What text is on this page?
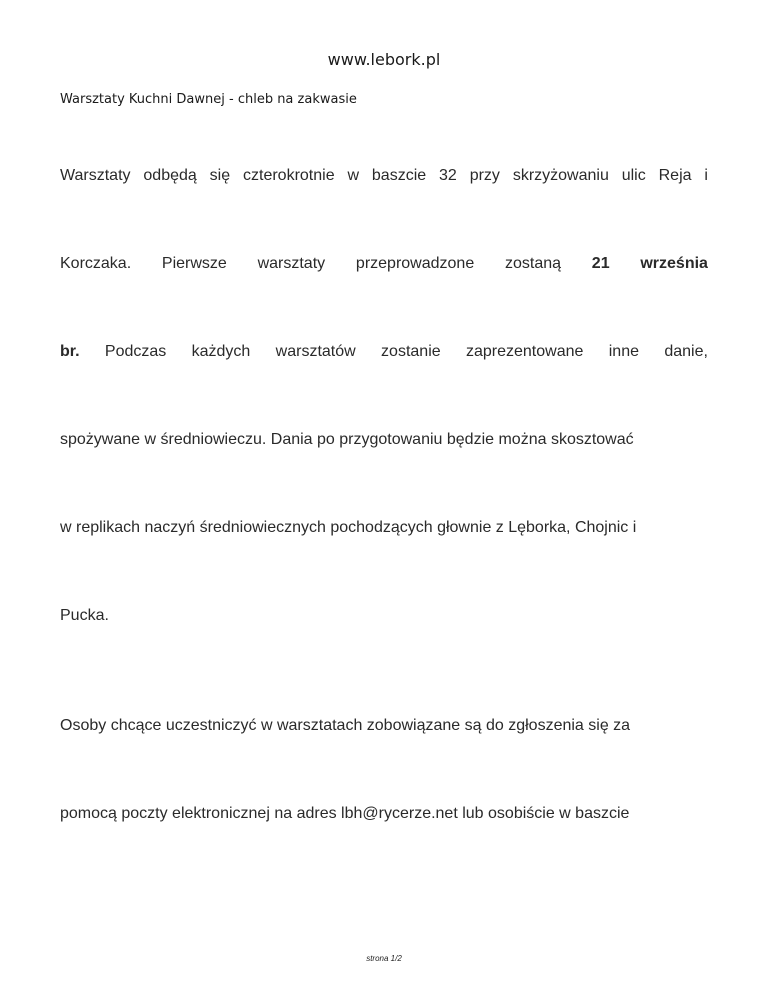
www.lebork.pl
Warsztaty Kuchni Dawnej - chleb na zakwasie
Warsztaty odbędą się czterokrotnie w baszcie 32 przy skrzyżowaniu ulic Reja i
Korczaka. Pierwsze warsztaty przeprowadzone zostaną 21 września
br. Podczas każdych warsztatów zostanie zaprezentowane inne danie,
spożywane w średniowieczu. Dania po przygotowaniu będzie można skosztować
w replikach naczyń średniowiecznych pochodzących głownie z Lęborka, Chojnic i
Pucka.
Osoby chcące uczestniczyć w warsztatach zobowiązane są do zgłoszenia się za
pomocą poczty elektronicznej na adres lbh@rycerze.net lub osobiście w baszcie
strona 1/2
